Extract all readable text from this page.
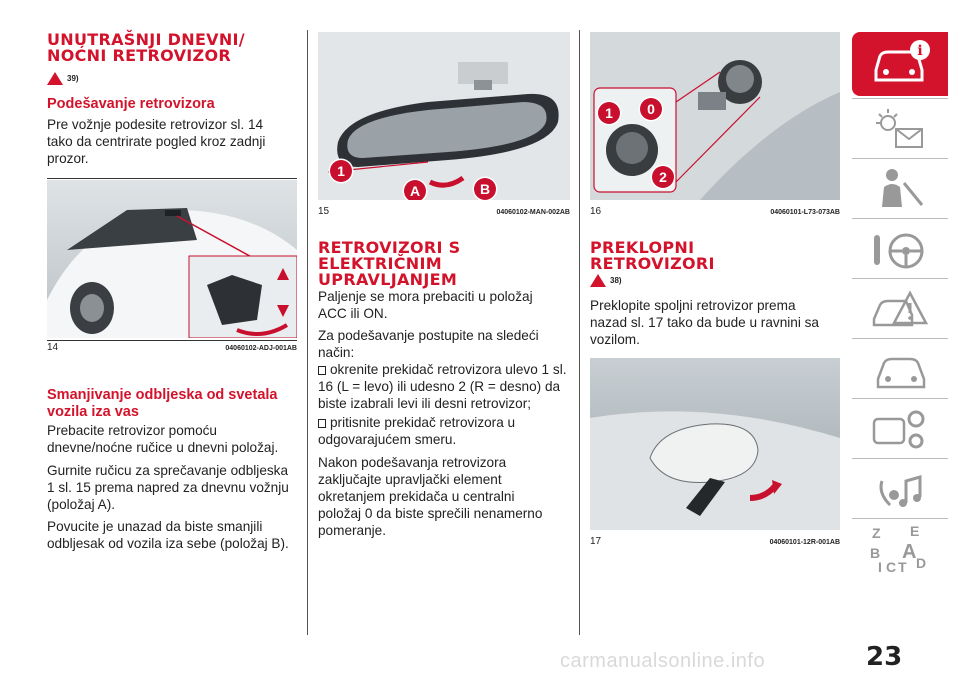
UNUTRAŠNJI DNEVNI/ NOĆNI RETROVIZOR
39)
Podešavanje retrovizora

Pre vožnje podesite retrovizor sl. 14 tako da centrirate pogled kroz zadnji prozor.

14	04060102-ADJ-001AB
Smanjivanje odbljeska od svetala vozila iza vas

Prebacite retrovizor pomoću dnevne/noćne ručice u dnevni položaj.

Gurnite ručicu za sprečavanje odbljeska 1 sl. 15 prema napred za dnevnu vožnju (položaj A).

Povucite je unazad da biste smanjili odbljesak od vozila iza sebe (položaj B).

1
A	B
15	04060102-MAN-002AB
RETROVIZORI S ELEKTRIČNIM UPRAVLJANJEM

Paljenje se mora prebaciti u položaj ACC ili ON.

Za podešavanje postupite na sledeći način:

okrenite prekidač retrovizora ulevo 1 sl. 16 (L = levo) ili udesno 2 (R = desno) da biste izabrali levi ili desni retrovizor;

pritisnite prekidač retrovizora u odgovarajućem smeru.

Nakon podešavanja retrovizora zaključajte upravljački element okretanjem prekidača u centralni položaj 0 da biste sprečili nenamerno pomeranje.

1	0
2
16	04060101-L73-073AB
PREKLOPNI RETROVIZORI
38)

Preklopite spoljni retrovizor prema nazad sl. 17 tako da bude u ravnini sa vozilom.

17	04060101-12R-001AB
i
Z E
B A
C T D
I
23
carmanualsonline.info
